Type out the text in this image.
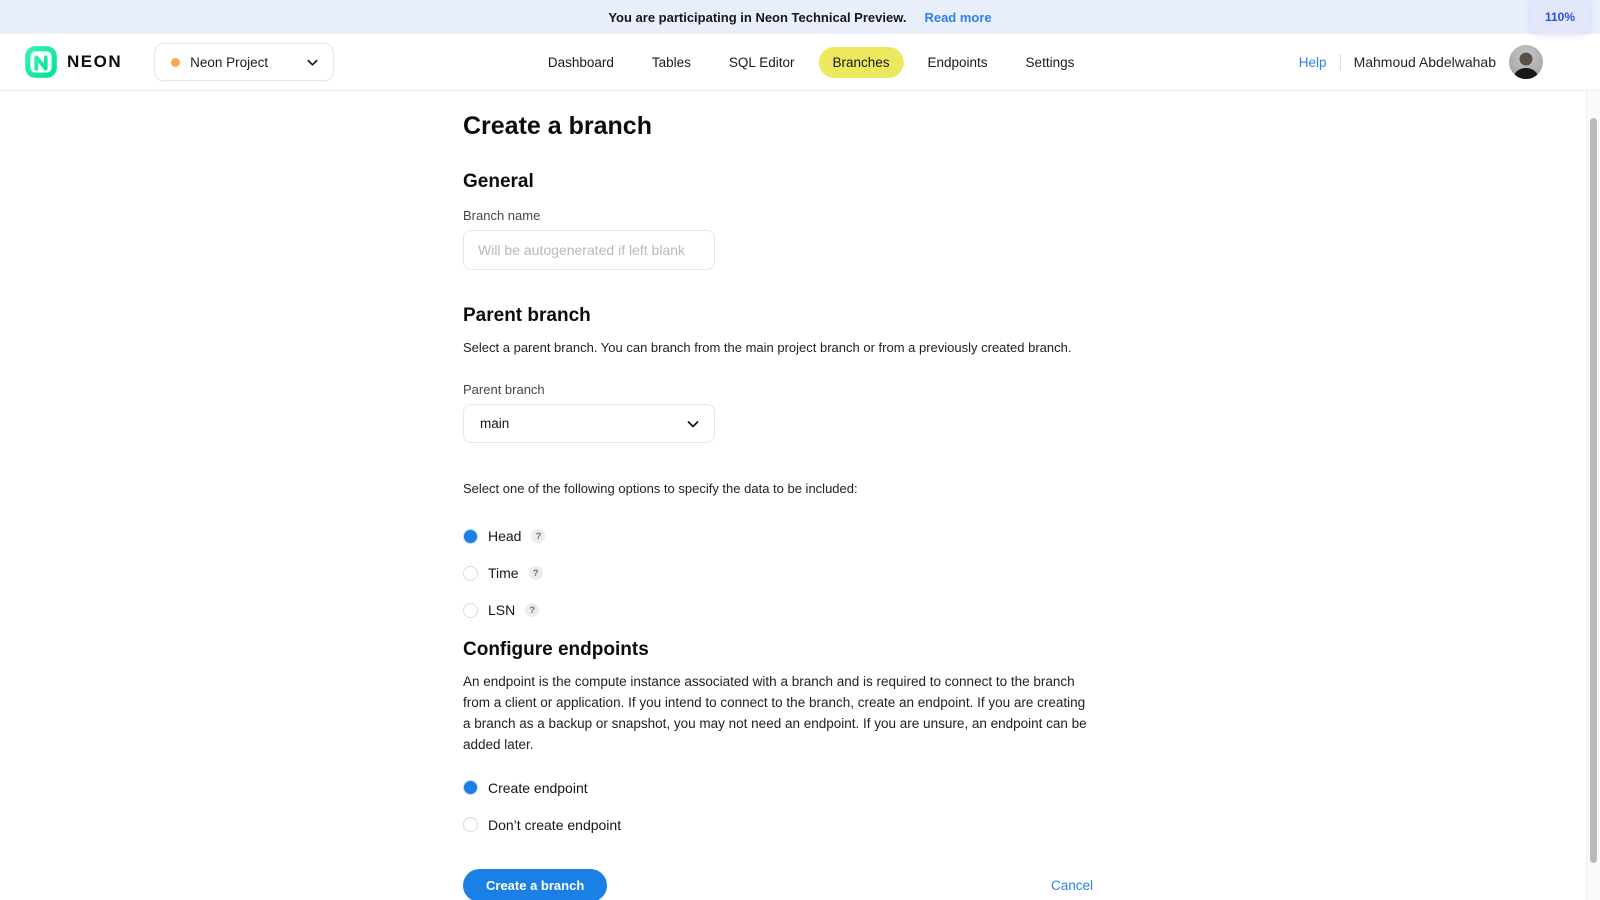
You are participating in Neon Technical Preview. Read more	110%
NEON	Neon Project	Dashboard	Tables	SQL Editor	Branches	Endpoints	Settings	Help Mahmoud Abdelwahab
Create a branch
General
Branch name
Will be autogenerated if left blank
Parent branch

Select a parent branch. You can branch from the main project branch or from a previously created branch.

Parent branch
main

Select one of the following options to specify the data to be included:

Head	?
Time	?
LSN	?
Configure endpoints

An endpoint is the compute instance associated with a branch and is required to connect to the branch from a client or application. If you intend to connect to the branch, create an endpoint. If you are creating a branch as a backup or snapshot, you may not need an endpoint. If you are unsure, an endpoint can be added later.

Create endpoint
Don’t create endpoint
Create a branch	Cancel
